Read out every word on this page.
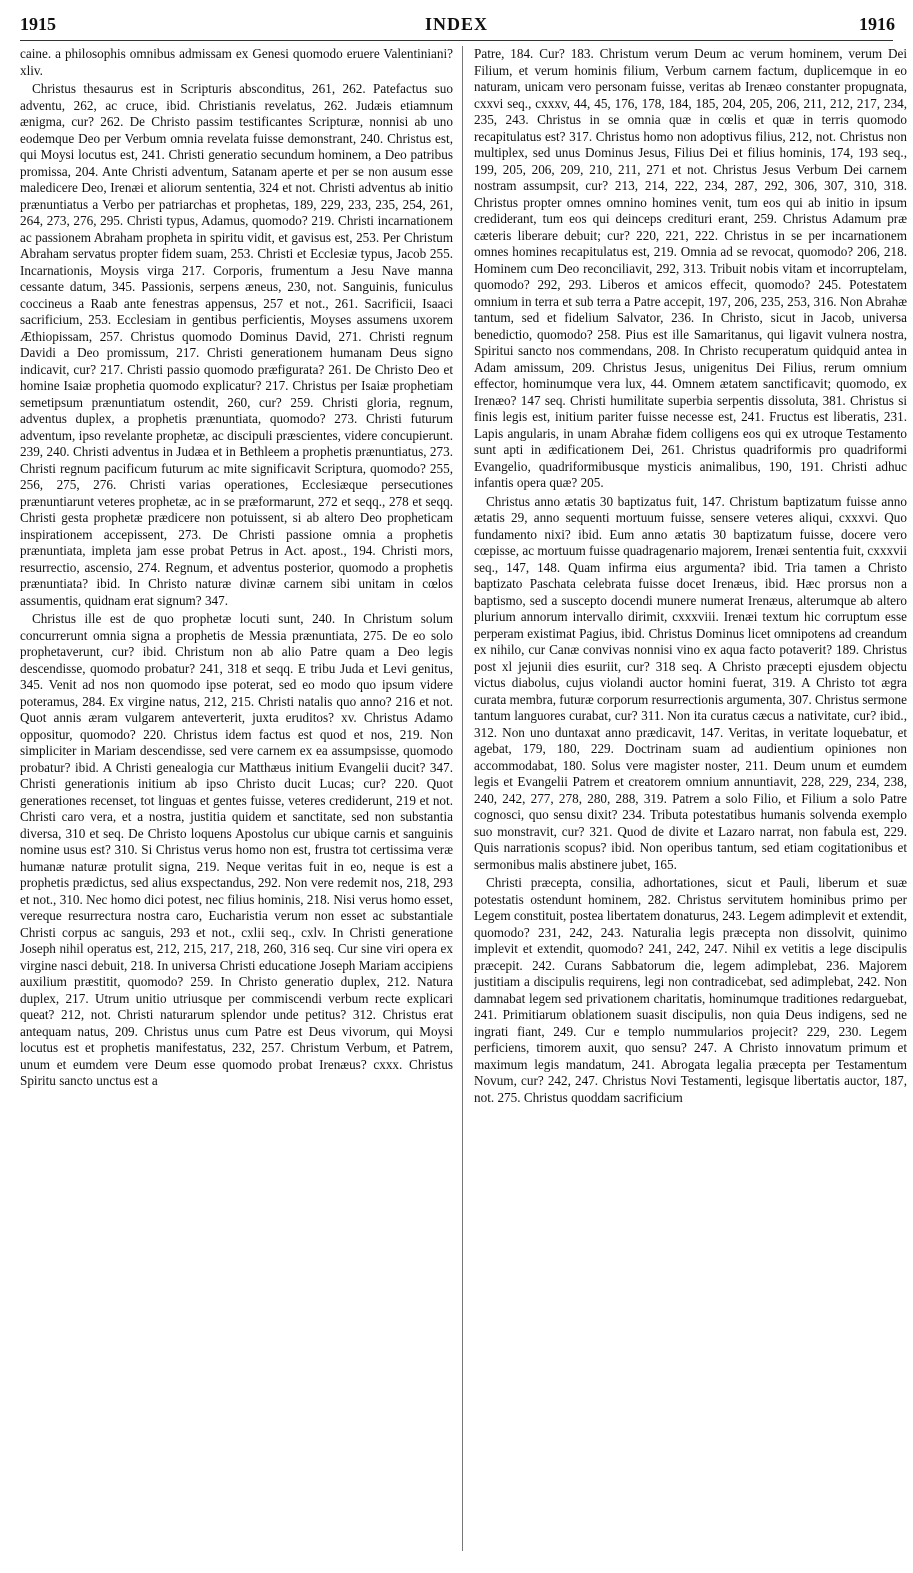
1915	INDEX	1916

caine. a philosophis omnibus admissam ex Genesi quomodo eruere Valentiniani? xliv.

Christus thesaurus est in Scripturis absconditus, 261, 262. Patefactus suo adventu, 262, ac cruce, ibid. Christianis revelatus, 262. Judæis etiamnum ænigma, cur? 262. De Christo passim testificantes Scripturæ, nonnisi ab uno eodemque Deo per Verbum omnia revelata fuisse demonstrant, 240. Christus est, qui Moysi locutus est, 241. Christi generatio secundum hominem, a Deo patribus promissa, 204. Ante Christi adventum, Satanam aperte et per se non ausum esse maledicere Deo, Irenæi et aliorum sententia, 324 et not. Christi adventus ab initio prænuntiatus a Verbo per patriarchas et prophetas, 189, 229, 233, 235, 254, 261, 264, 273, 276, 295. Christi typus, Adamus, quomodo? 219. Christi incarnationem ac passionem Abraham propheta in spiritu vidit, et gavisus est, 253. Per Christum Abraham servatus propter fidem suam, 253. Christi et Ecclesiæ typus, Jacob 255. Incarnationis, Moysis virga 217. Corporis, frumentum a Jesu Nave manna cessante datum, 345. Passionis, serpens æneus, 230, not. Sanguinis, funiculus coccineus a Raab ante fenestras appensus, 257 et not., 261. Sacrificii, Isaaci sacrificium, 253. Ecclesiam in gentibus perficientis, Moyses assumens uxorem Æthiopissam, 257. Christus quomodo Dominus David, 271. Christi regnum Davidi a Deo promissum, 217. Christi generationem humanam Deus signo indicavit, cur? 217. Christi passio quomodo præfigurata? 261. De Christo Deo et homine Isaiæ prophetia quomodo explicatur? 217. Christus per Isaiæ prophetiam semetipsum prænuntiatum ostendit, 260, cur? 259. Christi gloria, regnum, adventus duplex, a prophetis prænuntiata, quomodo? 273. Christi futurum adventum, ipso revelante prophetæ, ac discipuli præscientes, videre concupierunt. 239, 240. Christi adventus in Judæa et in Bethleem a prophetis prænuntiatus, 273. Christi regnum pacificum futurum ac mite significavit Scriptura, quomodo? 255, 256, 275, 276. Christi varias operationes, Ecclesiæque persecutiones prænuntiarunt veteres prophetæ, ac in se præformarunt, 272 et seqq., 278 et seqq. Christi gesta prophetæ prædicere non potuissent, si ab altero Deo propheticam inspirationem accepissent, 273. De Christi passione omnia a prophetis prænuntiata, impleta jam esse probat Petrus in Act. apost., 194. Christi mors, resurrectio, ascensio, 274. Regnum, et adventus posterior, quomodo a prophetis prænuntiata? ibid. In Christo naturæ divinæ carnem sibi unitam in cœlos assumentis, quidnam erat signum? 347.

Christus ille est de quo prophetæ locuti sunt, 240. In Christum solum concurrerunt omnia signa a prophetis de Messia prænuntiata, 275. De eo solo prophetaverunt, cur? ibid. Christum non ab alio Patre quam a Deo legis descendisse, quomodo probatur? 241, 318 et seqq. E tribu Juda et Levi genitus, 345. Venit ad nos non quomodo ipse poterat, sed eo modo quo ipsum videre poteramus, 284. Ex virgine natus, 212, 215. Christi natalis quo anno? 216 et not. Quot annis æram vulgarem anteverterit, juxta eruditos? xv. Christus Adamo oppositur, quomodo? 220. Christus idem factus est quod et nos, 219. Non simpliciter in Mariam descendisse, sed vere carnem ex ea assumpsisse, quomodo probatur? ibid. A Christi genealogia cur Matthæus initium Evangelii ducit? 347. Christi generationis initium ab ipso Christo ducit Lucas; cur? 220. Quot generationes recenset, tot linguas et gentes fuisse, veteres crediderunt, 219 et not. Christi caro vera, et a nostra, justitia quidem et sanctitate, sed non substantia diversa, 310 et seq. De Christo loquens Apostolus cur ubique carnis et sanguinis nomine usus est? 310. Si Christus verus homo non est, frustra tot certissima veræ humanæ naturæ protulit signa, 219. Neque veritas fuit in eo, neque is est a prophetis prædictus, sed alius exspectandus, 292. Non vere redemit nos, 218, 293 et not., 310. Nec homo dici potest, nec filius hominis, 218. Nisi verus homo esset, vereque resurrectura nostra caro, Eucharistia verum non esset ac substantiale Christi corpus ac sanguis, 293 et not., cxlii seq., cxlv. In Christi generatione Joseph nihil operatus est, 212, 215, 217, 218, 260, 316 seq. Cur sine viri opera ex virgine nasci debuit, 218. In universa Christi educatione Joseph Mariam accipiens auxilium præstitit, quomodo? 259. In Christo generatio duplex, 212. Natura duplex, 217. Utrum unitio utriusque per commiscendi verbum recte explicari queat? 212, not. Christi naturarum splendor unde petitus? 312. Christus erat antequam natus, 209. Christus unus cum Patre est Deus vivorum, qui Moysi locutus est et prophetis manifestatus, 232, 257. Christum Verbum, et Patrem, unum et eumdem vere Deum esse quomodo probat Irenæus? cxxx. Christus Spiritu sancto unctus est a

Patre, 184. Cur? 183. Christum verum Deum ac verum hominem, verum Dei Filium, et verum hominis filium, Verbum carnem factum, duplicemque in eo naturam, unicam vero personam fuisse, veritas ab Irenæo constanter propugnata, cxxvi seq., cxxxv, 44, 45, 176, 178, 184, 185, 204, 205, 206, 211, 212, 217, 234, 235, 243. Christus in se omnia quæ in cœlis et quæ in terris quomodo recapitulatus est? 317. Christus homo non adoptivus filius, 212, not. Christus non multiplex, sed unus Dominus Jesus, Filius Dei et filius hominis, 174, 193 seq., 199, 205, 206, 209, 210, 211, 271 et not. Christus Jesus Verbum Dei carnem nostram assumpsit, cur? 213, 214, 222, 234, 287, 292, 306, 307, 310, 318. Christus propter omnes omnino homines venit, tum eos qui ab initio in ipsum crediderant, tum eos qui deinceps credituri erant, 259. Christus Adamum præ cæteris liberare debuit; cur? 220, 221, 222. Christus in se per incarnationem omnes homines recapitulatus est, 219. Omnia ad se revocat, quomodo? 206, 218. Hominem cum Deo reconciliavit, 292, 313. Tribuit nobis vitam et incorruptelam, quomodo? 292, 293. Liberos et amicos effecit, quomodo? 245. Potestatem omnium in terra et sub terra a Patre accepit, 197, 206, 235, 253, 316. Non Abrahæ tantum, sed et fidelium Salvator, 236. In Christo, sicut in Jacob, universa benedictio, quomodo? 258. Pius est ille Samaritanus, qui ligavit vulnera nostra, Spiritui sancto nos commendans, 208. In Christo recuperatum quidquid antea in Adam amissum, 209. Christus Jesus, unigenitus Dei Filius, rerum omnium effector, hominumque vera lux, 44. Omnem ætatem sanctificavit; quomodo, ex Irenæo? 147 seq. Christi humilitate superbia serpentis dissoluta, 381. Christus si finis legis est, initium pariter fuisse necesse est, 241. Fructus est liberatis, 231. Lapis angularis, in unam Abrahæ fidem colligens eos qui ex utroque Testamento sunt apti in ædificationem Dei, 261. Christus quadriformis pro quadriformi Evangelio, quadriformibusque mysticis animalibus, 190, 191. Christi adhuc infantis opera quæ? 205.

Christus anno ætatis 30 baptizatus fuit, 147. Christum baptizatum fuisse anno ætatis 29, anno sequenti mortuum fuisse, sensere veteres aliqui, cxxxvi. Quo fundamento nixi? ibid. Eum anno ætatis 30 baptizatum fuisse, docere vero cœpisse, ac mortuum fuisse quadragenario majorem, Irenæi sententia fuit, cxxxvii seq., 147, 148. Quam infirma eius argumenta? ibid. Tria tamen a Christo baptizato Paschata celebrata fuisse docet Irenæus, ibid. Hæc prorsus non a baptismo, sed a suscepto docendi munere numerat Irenæus, alterumque ab altero plurium annorum intervallo dirimit, cxxxviii. Irenæi textum hic corruptum esse perperam existimat Pagius, ibid. Christus Dominus licet omnipotens ad creandum ex nihilo, cur Canæ convivas nonnisi vino ex aqua facto potaverit? 189. Christus post xl jejunii dies esuriit, cur? 318 seq. A Christo præcepti ejusdem objectu victus diabolus, cujus violandi auctor homini fuerat, 319. A Christo tot ægra curata membra, futuræ corporum resurrectionis argumenta, 307. Christus sermone tantum languores curabat, cur? 311. Non ita curatus cæcus a nativitate, cur? ibid., 312. Non uno duntaxat anno prædicavit, 147. Veritas, in veritate loquebatur, et agebat, 179, 180, 229. Doctrinam suam ad audientium opiniones non accommodabat, 180. Solus vere magister noster, 211. Deum unum et eumdem legis et Evangelii Patrem et creatorem omnium annuntiavit, 228, 229, 234, 238, 240, 242, 277, 278, 280, 288, 319. Patrem a solo Filio, et Filium a solo Patre cognosci, quo sensu dixit? 234. Tributa potestatibus humanis solvenda exemplo suo monstravit, cur? 321. Quod de divite et Lazaro narrat, non fabula est, 229. Quis narrationis scopus? ibid. Non operibus tantum, sed etiam cogitationibus et sermonibus malis abstinere jubet, 165.

Christi præcepta, consilia, adhortationes, sicut et Pauli, liberum et suæ potestatis ostendunt hominem, 282. Christus servitutem hominibus primo per Legem constituit, postea libertatem donaturus, 243. Legem adimplevit et extendit, quomodo? 231, 242, 243. Naturalia legis præcepta non dissolvit, quinimo implevit et extendit, quomodo? 241, 242, 247. Nihil ex vetitis a lege discipulis præcepit. 242. Curans Sabbatorum die, legem adimplebat, 236. Majorem justitiam a discipulis requirens, legi non contradicebat, sed adimplebat, 242. Non damnabat legem sed privationem charitatis, hominumque traditiones redarguebat, 241. Primitiarum oblationem suasit discipulis, non quia Deus indigens, sed ne ingrati fiant, 249. Cur e templo nummularios projecit? 229, 230. Legem perficiens, timorem auxit, quo sensu? 247. A Christo innovatum primum et maximum legis mandatum, 241. Abrogata legalia præcepta per Testamentum Novum, cur? 242, 247. Christus Novi Testamenti, legisque libertatis auctor, 187, not. 275. Christus quoddam sacrificium
